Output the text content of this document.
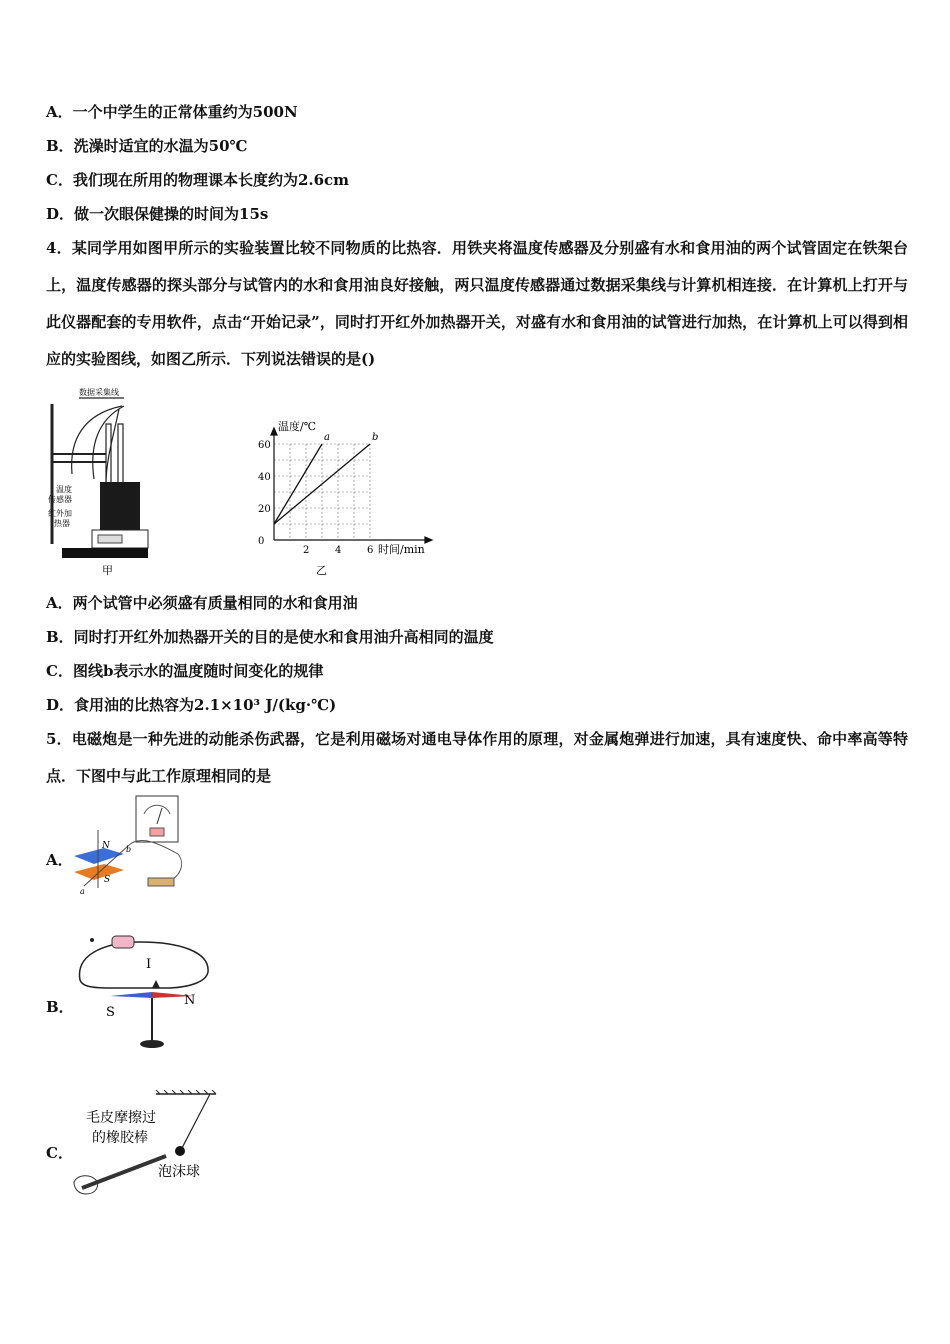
A．一个中学生的正常体重约为500N
B．洗澡时适宜的水温为50℃
C．我们现在所用的物理课本长度约为2.6cm
D．做一次眼保健操的时间为15s
4．某同学用如图甲所示的实验装置比较不同物质的比热容．用铁夹将温度传感器及分别盛有水和食用油的两个试管固定在铁架台上，温度传感器的探头部分与试管内的水和食用油良好接触，两只温度传感器通过数据采集线与计算机相连接．在计算机上打开与此仪器配套的专用软件，点击“开始记录”，同时打开红外加热器开关，对盛有水和食用油的试管进行加热，在计算机上可以得到相应的实验图线，如图乙所示．下列说法错误的是()
数据采集线
温度
传感器
红外加
热器
甲
2	4	6
0
20
40
60
a	b
温度/℃
时间/min
乙
A．两个试管中必须盛有质量相同的水和食用油
B．同时打开红外加热器开关的目的是使水和食用油升高相同的温度
C．图线b表示水的温度随时间变化的规律
D．食用油的比热容为2.1×10³ J/(kg·℃)
5．电磁炮是一种先进的动能杀伤武器，它是利用磁场对通电导体作用的原理，对金属炮弹进行加速，具有速度快、命中率高等特点．下图中与此工作原理相同的是
A．
N
S
b
a
B．
I
S
N
C．
毛皮摩擦过
的橡胶棒
泡沫球
